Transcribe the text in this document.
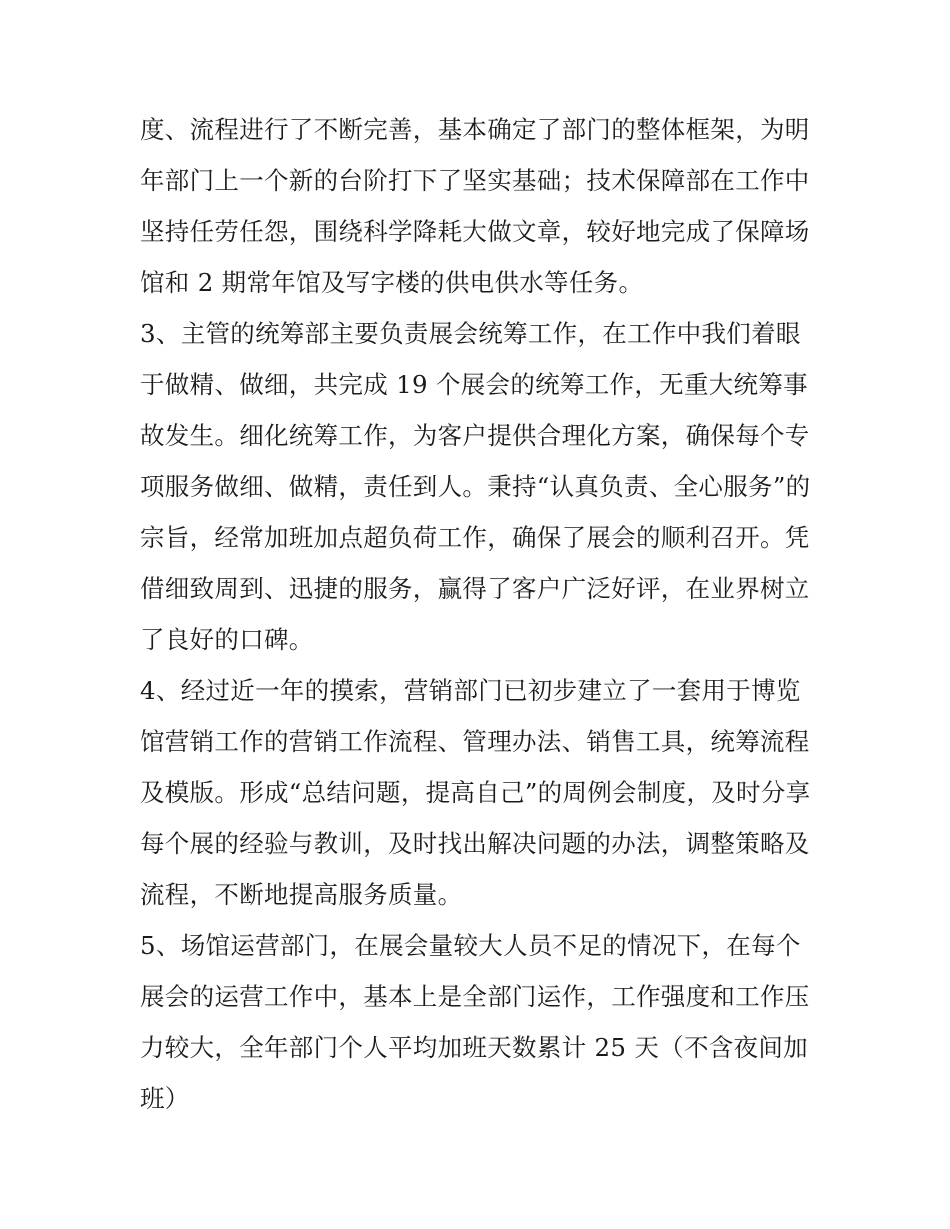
度、流程进行了不断完善，基本确定了部门的整体框架，为明
年部门上一个新的台阶打下了坚实基础；技术保障部在工作中
坚持任劳任怨，围绕科学降耗大做文章，较好地完成了保障场
馆和 2 期常年馆及写字楼的供电供水等任务。
3、主管的统筹部主要负责展会统筹工作，在工作中我们着眼
于做精、做细，共完成 19 个展会的统筹工作，无重大统筹事
故发生。细化统筹工作，为客户提供合理化方案，确保每个专
项服务做细、做精，责任到人。秉持“认真负责、全心服务”的
宗旨，经常加班加点超负荷工作，确保了展会的顺利召开。凭
借细致周到、迅捷的服务，赢得了客户广泛好评，在业界树立
了良好的口碑。
4、经过近一年的摸索，营销部门已初步建立了一套用于博览
馆营销工作的营销工作流程、管理办法、销售工具，统筹流程
及模版。形成“总结问题，提高自己”的周例会制度，及时分享
每个展的经验与教训，及时找出解决问题的办法，调整策略及
流程，不断地提高服务质量。
5、场馆运营部门，在展会量较大人员不足的情况下，在每个
展会的运营工作中，基本上是全部门运作，工作强度和工作压
力较大，全年部门个人平均加班天数累计 25 天（不含夜间加
班）
